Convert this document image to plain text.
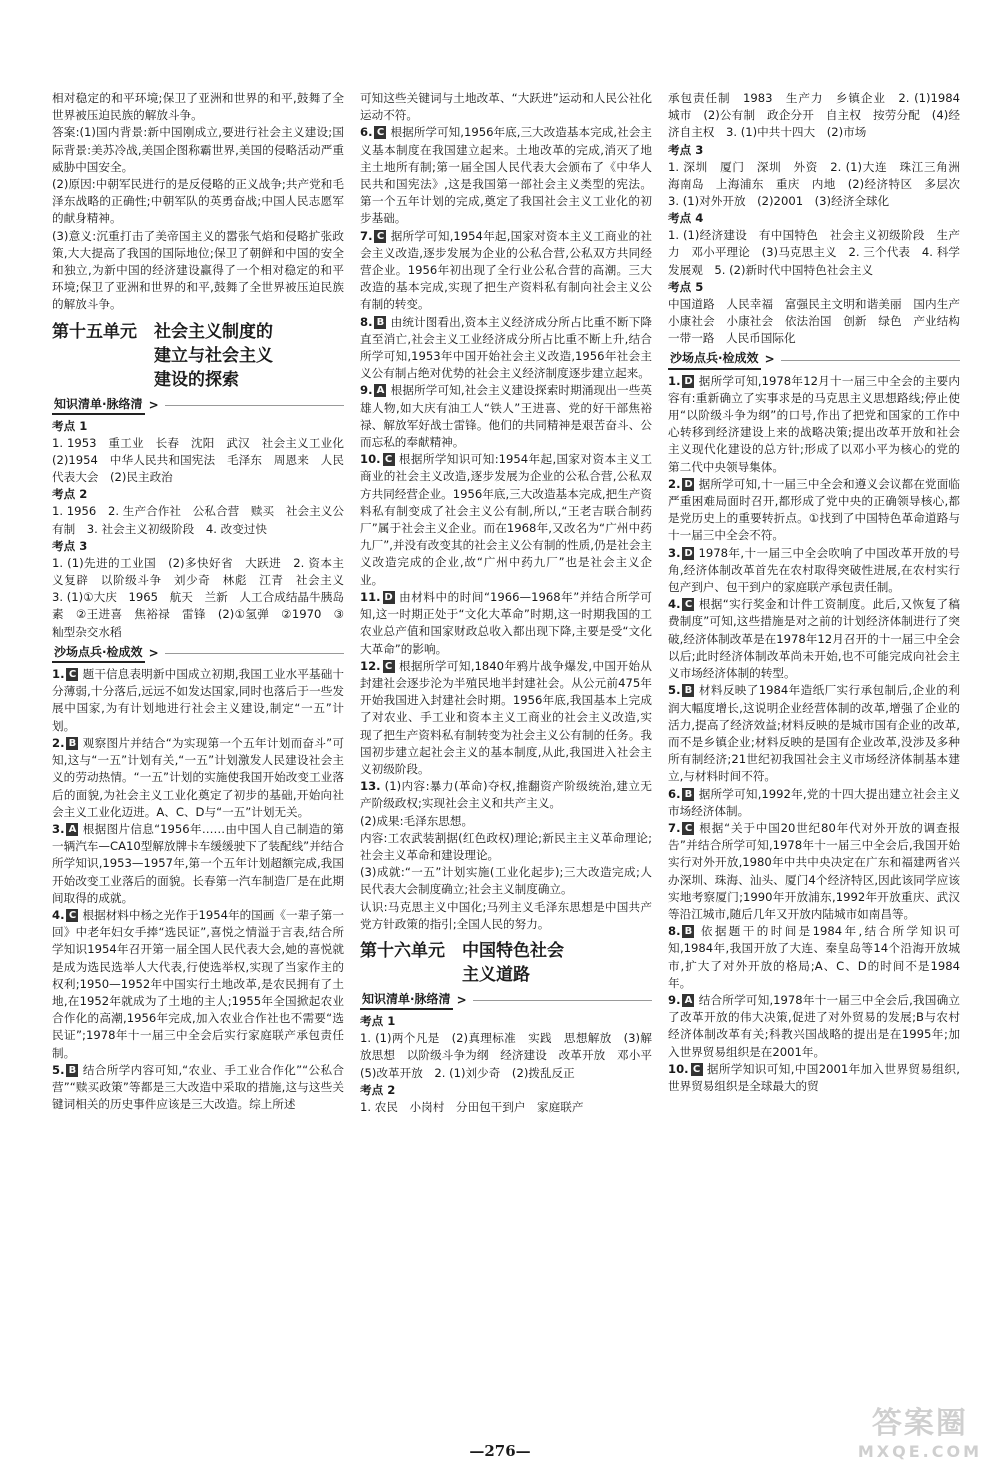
相对稳定的和平环境;保卫了亚洲和世界的和平,鼓舞了全世界被压迫民族的解放斗争。

答案:(1)国内背景:新中国刚成立,要进行社会主义建设;国际背景:美苏冷战,美国企图称霸世界,美国的侵略活动严重威胁中国安全。

(2)原因:中朝军民进行的是反侵略的正义战争;共产党和毛泽东战略的正确性;中朝军队的英勇奋战;中国人民志愿军的献身精神。

(3)意义:沉重打击了美帝国主义的嚣张气焰和侵略扩张政策,大大提高了我国的国际地位;保卫了朝鲜和中国的安全和独立,为新中国的经济建设赢得了一个相对稳定的和平环境;保卫了亚洲和世界的和平,鼓舞了全世界被压迫民族的解放斗争。

第十五单元　社会主义制度的
　　　　　　建立与社会主义
　　　　　　建设的探索
知识清单·脉络清 >
考点 1

1. 1953　重工业　长春　沈阳　武汉　社会主义工业化　(2)1954　中华人民共和国宪法　毛泽东　周恩来　人民代表大会　(2)民主政治

考点 2

1. 1956　2. 生产合作社　公私合营　赎买　社会主义公有制　3. 社会主义初级阶段　4. 改变过快

考点 3

1. (1)先进的工业国　(2)多快好省　大跃进　2. 资本主义复辟　以阶级斗争　刘少奇　林彪　江青　社会主义　3. (1)①大庆　1965　航天　兰新　人工合成结晶牛胰岛素　②王进喜　焦裕禄　雷锋　(2)①氢弹　②1970　③籼型杂交水稻

沙场点兵·检成效 >

1. C 题干信息表明新中国成立初期,我国工业水平基础十分薄弱,十分落后,远远不如发达国家,同时也落后于一些发展中国家,为有计划地进行社会主义建设,制定“一五”计划。

2. B 观察图片并结合“为实现第一个五年计划而奋斗”可知,这与“一五”计划有关,“一五”计划激发人民建设社会主义的劳动热情。“一五”计划的实施使我国开始改变工业落后的面貌,为社会主义工业化奠定了初步的基础,开始向社会主义工业化迈进。A、C、D与“一五”计划无关。

3. A 根据图片信息“1956年……由中国人自己制造的第一辆汽车—CA10型解放牌卡车缓缓驶下了装配线”并结合所学知识,1953—1957年,第一个五年计划超额完成,我国开始改变工业落后的面貌。长春第一汽车制造厂是在此期间取得的成就。

4. C 根据材料中杨之光作于1954年的国画《一辈子第一回》中老年妇女手捧“选民证”,喜悦之情溢于言表,结合所学知识1954年召开第一届全国人民代表大会,她的喜悦就是成为选民选举人大代表,行使选举权,实现了当家作主的权利;1950—1952年中国实行土地改革,是农民拥有了土地,在1952年就成为了土地的主人;1955年全国掀起农业合作化的高潮,1956年完成,加入农业合作社也不需要“选民证”;1978年十一届三中全会后实行家庭联产承包责任制。

5. B 结合所学内容可知,“农业、手工业合作化”“公私合营”“赎买政策”等都是三大改造中采取的措施,这与这些关键词相关的历史事件应该是三大改造。综上所述

可知这些关键词与土地改革、“大跃进”运动和人民公社化运动不符。

6. C 根据所学可知,1956年底,三大改造基本完成,社会主义基本制度在我国建立起来。土地改革的完成,消灭了地主土地所有制;第一届全国人民代表大会颁布了《中华人民共和国宪法》,这是我国第一部社会主义类型的宪法。第一个五年计划的完成,奠定了我国社会主义工业化的初步基础。

7. C 据所学可知,1954年起,国家对资本主义工商业的社会主义改造,逐步发展为企业的公私合营,公私双方共同经营企业。1956年初出现了全行业公私合营的高潮。三大改造的基本完成,实现了把生产资料私有制向社会主义公有制的转变。

8. B 由统计图看出,资本主义经济成分所占比重不断下降直至消亡,社会主义工业经济成分所占比重不断上升,结合所学可知,1953年中国开始社会主义改造,1956年社会主义公有制占绝对优势的社会主义经济制度逐步建立起来。

9. A 根据所学可知,社会主义建设探索时期涌现出一些英雄人物,如大庆有油工人“铁人”王进喜、党的好干部焦裕禄、解放军好战士雷锋。他们的共同精神是艰苦奋斗、公而忘私的奉献精神。

10. C 根据所学知识可知:1954年起,国家对资本主义工商业的社会主义改造,逐步发展为企业的公私合营,公私双方共同经营企业。1956年底,三大改造基本完成,把生产资料私有制变成了社会主义公有制,所以,“王老吉联合制药厂”属于社会主义企业。而在1968年,又改名为“广州中药九厂”,并没有改变其的社会主义公有制的性质,仍是社会主义改造完成的企业,故“广州中药九厂”也是社会主义企业。

11. D 由材料中的时间“1966—1968年”并结合所学可知,这一时期正处于“文化大革命”时期,这一时期我国的工农业总产值和国家财政总收入都出现下降,主要是受“文化大革命”的影响。

12. C 根据所学可知,1840年鸦片战争爆发,中国开始从封建社会逐步沦为半殖民地半封建社会。从公元前475年开始我国进入封建社会时期。1956年底,我国基本上完成了对农业、手工业和资本主义工商业的社会主义改造,实现了把生产资料私有制转变为社会主义公有制的任务。我国初步建立起社会主义的基本制度,从此,我国进入社会主义初级阶段。

13. (1)内容:暴力(革命)夺权,推翻资产阶级统治,建立无产阶级政权;实现社会主义和共产主义。
(2)成果:毛泽东思想。
内容:工农武装割据(红色政权)理论;新民主主义革命理论;社会主义革命和建设理论。
(3)成就:“一五”计划实施(工业化起步);三大改造完成;人民代表大会制度确立;社会主义制度确立。
认识:马克思主义中国化;马列主义毛泽东思想是中国共产党方针政策的指引;全国人民的努力。

第十六单元　中国特色社会
　　　　　　主义道路
知识清单·脉络清 >
考点 1

1. (1)两个凡是　(2)真理标准　实践　思想解放　(3)解放思想　以阶级斗争为纲　经济建设　改革开放　邓小平　(5)改革开放　2. (1)刘少奇　(2)拨乱反正

考点 2

1. 农民　小岗村　分田包干到户　家庭联产

承包责任制　1983　生产力　乡镇企业　2. (1)1984　城市　(2)公有制　政企分开　自主权　按劳分配　(4)经济自主权　3. (1)中共十四大　(2)市场

考点 3

1. 深圳　厦门　深圳　外资　2. (1)大连　珠江三角洲　海南岛　上海浦东　重庆　内地　(2)经济特区　多层次　3. (1)对外开放　(2)2001　(3)经济全球化

考点 4

1. (1)经济建设　有中国特色　社会主义初级阶段　生产力　邓小平理论　(3)马克思主义　2. 三个代表　4. 科学发展观　5. (2)新时代中国特色社会主义

考点 5

中国道路　人民幸福　富强民主文明和谐美丽　国内生产　小康社会　小康社会　依法治国　创新　绿色　产业结构　一带一路　人民币国际化

沙场点兵·检成效 >

1. D 据所学可知,1978年12月十一届三中全会的主要内容有:重新确立了实事求是的马克思主义思想路线;停止使用“以阶级斗争为纲”的口号,作出了把党和国家的工作中心转移到经济建设上来的战略决策;提出改革开放和社会主义现代化建设的总方针;形成了以邓小平为核心的党的第二代中央领导集体。

2. D 据所学可知,十一届三中全会和遵义会议都在党面临严重困难局面时召开,都形成了党中央的正确领导核心,都是党历史上的重要转折点。①找到了中国特色革命道路与十一届三中全会不符。

3. D 1978年,十一届三中全会吹响了中国改革开放的号角,经济体制改革首先在农村取得突破性进展,在农村实行包产到户、包干到户的家庭联产承包责任制。

4. C 根据“实行奖金和计件工资制度。此后,又恢复了稿费制度”可知,这些措施是对之前的计划经济体制进行了突破,经济体制改革是在1978年12月召开的十一届三中全会以后;此时经济体制改革尚未开始,也不可能完成向社会主义市场经济体制的转型。

5. B 材料反映了1984年造纸厂实行承包制后,企业的利润大幅度增长,这说明企业经营体制的改革,增强了企业的活力,提高了经济效益;材料反映的是城市国有企业的改革,而不是乡镇企业;材料反映的是国有企业改革,没涉及多种所有制经济;21世纪初我国社会主义市场经济体制基本建立,与材料时间不符。

6. B 据所学可知,1992年,党的十四大提出建立社会主义市场经济体制。

7. C 根据“关于中国20世纪80年代对外开放的调查报告”并结合所学可知,1978年十一届三中全会后,我国开始实行对外开放,1980年中共中央决定在广东和福建两省兴办深圳、珠海、汕头、厦门4个经济特区,因此该同学应该实地考察厦门;1990年开放浦东,1992年开放重庆、武汉等沿江城市,随后几年又开放内陆城市如南昌等。

8. B 依据题干的时间是1984年,结合所学知识可知,1984年,我国开放了大连、秦皇岛等14个沿海开放城市,扩大了对外开放的格局;A、C、D的时间不是1984年。

9. A 结合所学可知,1978年十一届三中全会后,我国确立了改革开放的伟大决策,促进了对外贸易的发展;B与农村经济体制改革有关;科教兴国战略的提出是在1995年;加入世界贸易组织是在2001年。

10. C 据所学知识可知,中国2001年加入世界贸易组织,世界贸易组织是全球最大的贸

—276—
答案圈
MXQE.COM
